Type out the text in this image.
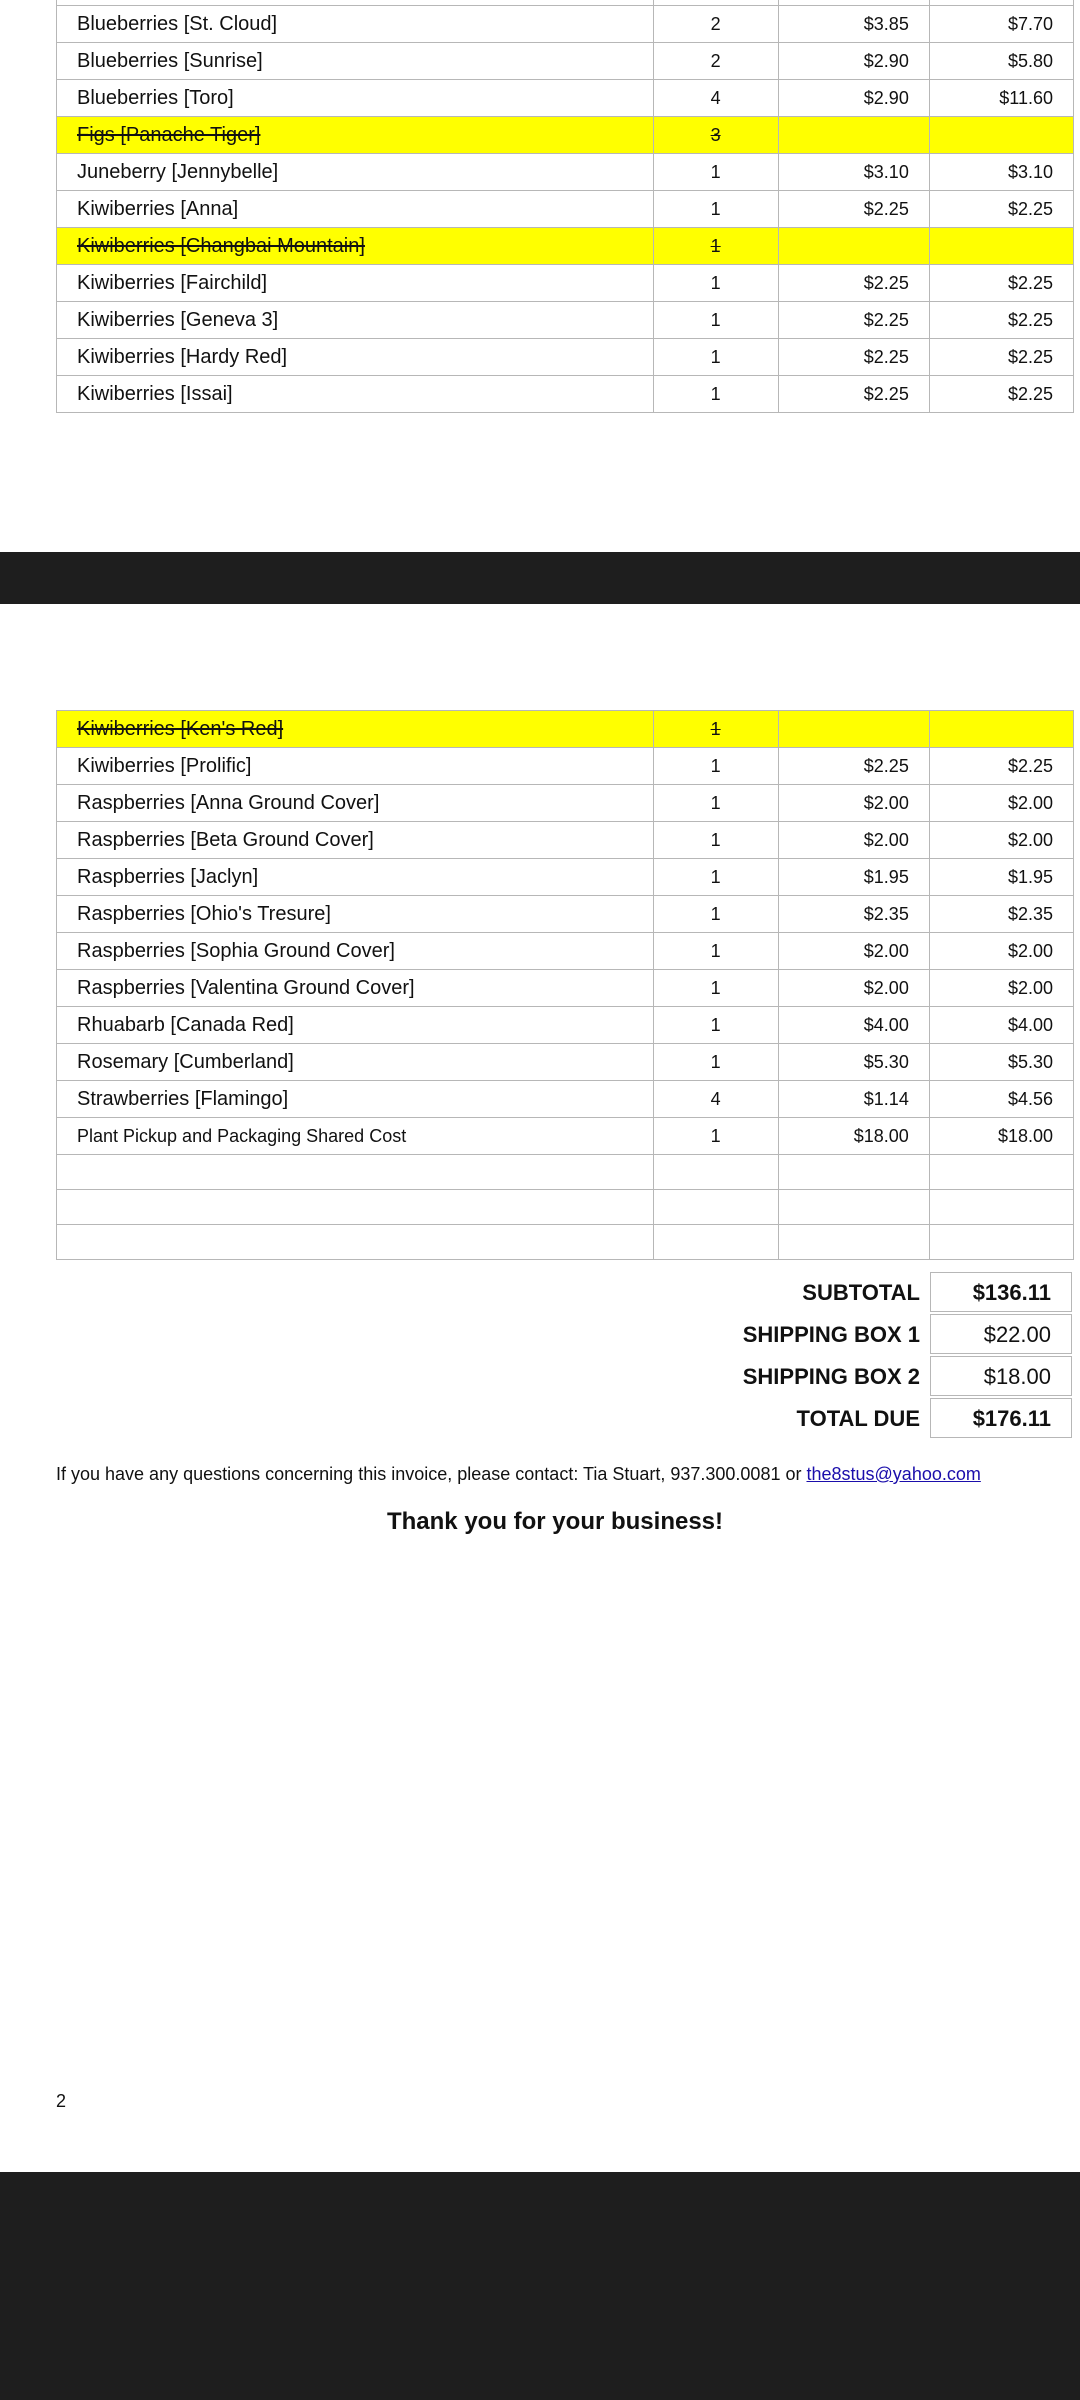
Blueberries [St. Cloud]	2	$3.85	$7.70
Blueberries [Sunrise]	2	$2.90	$5.80
Blueberries [Toro]	4	$2.90	$11.60
Figs [Panache Tiger]	3		
Juneberry [Jennybelle]	1	$3.10	$3.10
Kiwiberries [Anna]	1	$2.25	$2.25
Kiwiberries [Changbai Mountain]	1		
Kiwiberries [Fairchild]	1	$2.25	$2.25
Kiwiberries [Geneva 3]	1	$2.25	$2.25
Kiwiberries [Hardy Red]	1	$2.25	$2.25
Kiwiberries [Issai]	1	$2.25	$2.25
Kiwiberries [Ken's Red]	1		
Kiwiberries [Prolific]	1	$2.25	$2.25
Raspberries [Anna Ground Cover]	1	$2.00	$2.00
Raspberries [Beta Ground Cover]	1	$2.00	$2.00
Raspberries [Jaclyn]	1	$1.95	$1.95
Raspberries [Ohio's Tresure]	1	$2.35	$2.35
Raspberries [Sophia Ground Cover]	1	$2.00	$2.00
Raspberries [Valentina Ground Cover]	1	$2.00	$2.00
Rhuabarb [Canada Red]	1	$4.00	$4.00
Rosemary [Cumberland]	1	$5.30	$5.30
Strawberries [Flamingo]	4	$1.14	$4.56
Plant Pickup and Packaging Shared Cost	1	$18.00	$18.00

SUBTOTAL	$136.11
SHIPPING BOX 1	$22.00
SHIPPING BOX 2	$18.00
TOTAL DUE	$176.11
If you have any questions concerning this invoice, please contact: Tia Stuart, 937.300.0081 or the8stus@yahoo.com
Thank you for your business!
2
